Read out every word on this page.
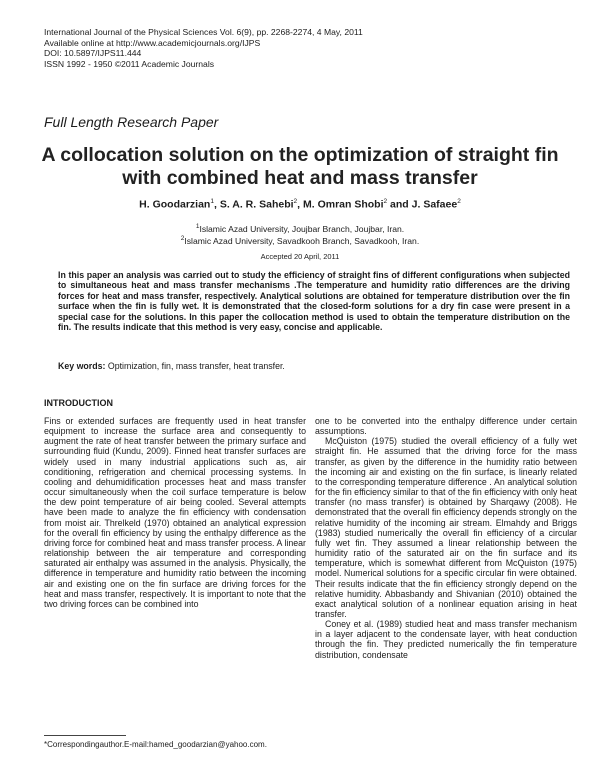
International Journal of the Physical Sciences Vol. 6(9), pp. 2268-2274, 4 May, 2011
Available online at http://www.academicjournals.org/IJPS
DOI: 10.5897/IJPS11.444
ISSN 1992 - 1950 ©2011 Academic Journals
Full Length Research Paper
A collocation solution on the optimization of straight fin with combined heat and mass transfer
H. Goodarzian$^1$, S. A. R. Sahebi$^2$, M. Omran Shobi$^2$ and J. Safaee$^2$
$^1$Islamic Azad University, Joujbar Branch, Joujbar, Iran.
$^2$Islamic Azad University, Savadkooh Branch, Savadkooh, Iran.
Accepted 20 April, 2011
In this paper an analysis was carried out to study the efficiency of straight fins of different configurations when subjected to simultaneous heat and mass transfer mechanisms .The temperature and humidity ratio differences are the driving forces for heat and mass transfer, respectively. Analytical solutions are obtained for temperature distribution over the fin surface when the fin is fully wet. It is demonstrated that the closed-form solutions for a dry fin case were present in a special case for the solutions. In this paper the collocation method is used to obtain the temperature distribution on the fin. The results indicate that this method is very easy, concise and applicable.
Key words: Optimization, fin, mass transfer, heat transfer.
INTRODUCTION

Fins or extended surfaces are frequently used in heat transfer equipment to increase the surface area and consequently to augment the rate of heat transfer between the primary surface and surrounding fluid (Kundu, 2009). Finned heat transfer surfaces are widely used in many industrial applications such as, air conditioning, refrigeration and chemical processing systems. In cooling and dehumidification processes heat and mass transfer occur simultaneously when the coil surface temperature is below the dew point temperature of air being cooled. Several attempts have been made to analyze the fin efficiency with condensation from moist air. Threlkeld (1970) obtained an analytical expression for the overall fin efficiency by using the enthalpy difference as the driving force for combined heat and mass transfer process. A linear relationship between the air temperature and corresponding saturated air enthalpy was assumed in the analysis. Physically, the difference in temperature and humidity ratio between the incoming air and existing one on the fin surface are driving forces for the heat and mass transfer, respectively. It is important to note that the two driving forces can be combined into

one to be converted into the enthalpy difference under certain assumptions.

McQuiston (1975) studied the overall efficiency of a fully wet straight fin. He assumed that the driving force for the mass transfer, as given by the difference in the humidity ratio between the incoming air and existing on the fin surface, is linearly related to the corresponding temperature difference . An analytical solution for the fin efficiency similar to that of the fin efficiency with only heat transfer (no mass transfer) is obtained by Sharqawy (2008). He demonstrated that the overall fin efficiency depends strongly on the relative humidity of the incoming air stream. Elmahdy and Briggs (1983) studied numerically the overall fin efficiency of a circular fully wet fin. They assumed a linear relationship between the humidity ratio of the saturated air on the fin surface and its temperature, which is somewhat different from McQuiston (1975) model. Numerical solutions for a specific circular fin were obtained. Their results indicate that the fin efficiency strongly depend on the relative humidity. Abbasbandy and Shivanian (2010) obtained the exact analytical solution of a nonlinear equation arising in heat transfer.

Coney et al. (1989) studied heat and mass transfer mechanism in a layer adjacent to the condensate layer, with heat conduction through the fin. They predicted numerically the fin temperature distribution, condensate

*Correspondingauthor.E-mail:hamed_goodarzian@yahoo.com.
